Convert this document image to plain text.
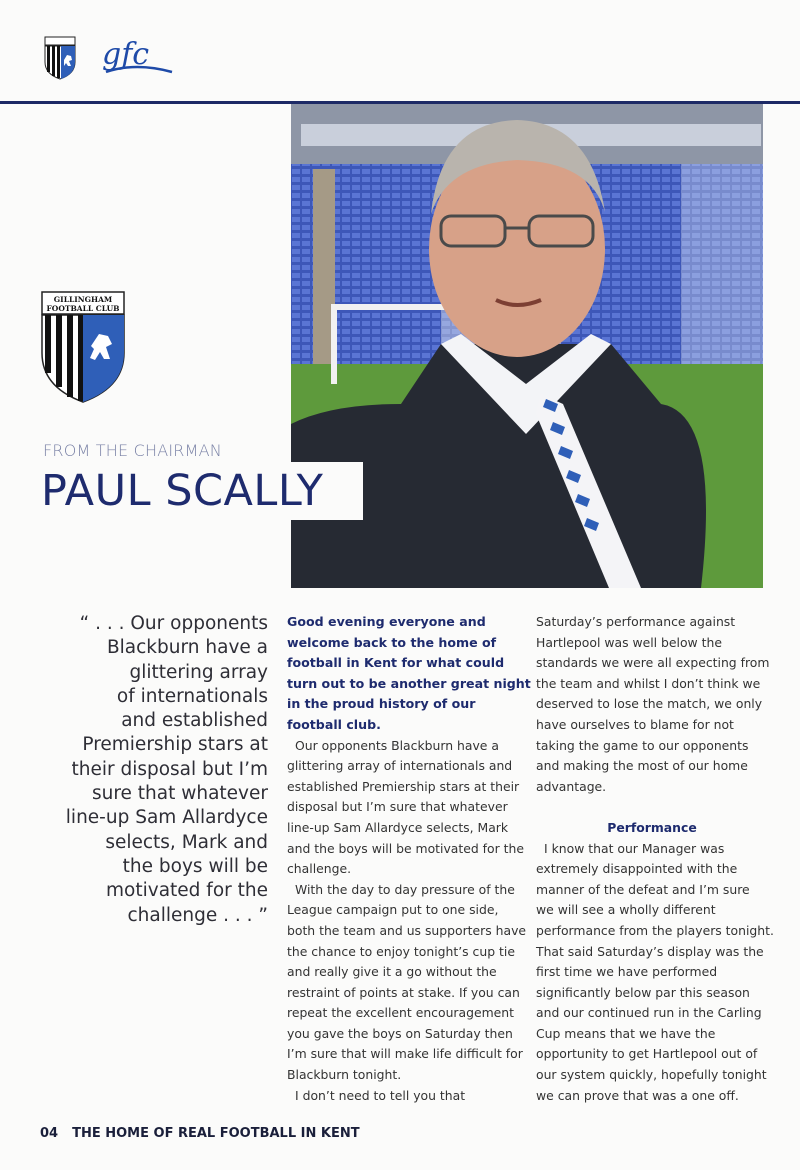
gfc
GILLINGHAM
FOOTBALL CLUB
FROM THE CHAIRMAN
PAUL SCALLY
“ . . . Our opponents
Blackburn have a
glittering array
of internationals
and established
Premiership stars at
their disposal but I’m
sure that whatever
line-up Sam Allardyce
selects, Mark and
the boys will be
motivated for the
challenge . . . ”
Good evening everyone and
welcome back to the home of
football in Kent for what could
turn out to be another great night
in the proud history of our
football club.
Our opponents Blackburn have a
glittering array of internationals and
established Premiership stars at their
disposal but I’m sure that whatever
line-up Sam Allardyce selects, Mark
and the boys will be motivated for the
challenge.
With the day to day pressure of the
League campaign put to one side,
both the team and us supporters have
the chance to enjoy tonight’s cup tie
and really give it a go without the
restraint of points at stake. If you can
repeat the excellent encouragement
you gave the boys on Saturday then
I’m sure that will make life difficult for
Blackburn tonight.
I don’t need to tell you that
Saturday’s performance against
Hartlepool was well below the
standards we were all expecting from
the team and whilst I don’t think we
deserved to lose the match, we only
have ourselves to blame for not
taking the game to our opponents
and making the most of our home
advantage.

Performance
I know that our Manager was
extremely disappointed with the
manner of the defeat and I’m sure
we will see a wholly different
performance from the players tonight.
That said Saturday’s display was the
first time we have performed
significantly below par this season
and our continued run in the Carling
Cup means that we have the
opportunity to get Hartlepool out of
our system quickly, hopefully tonight
we can prove that was a one off.
04 THE HOME OF REAL FOOTBALL IN KENT
